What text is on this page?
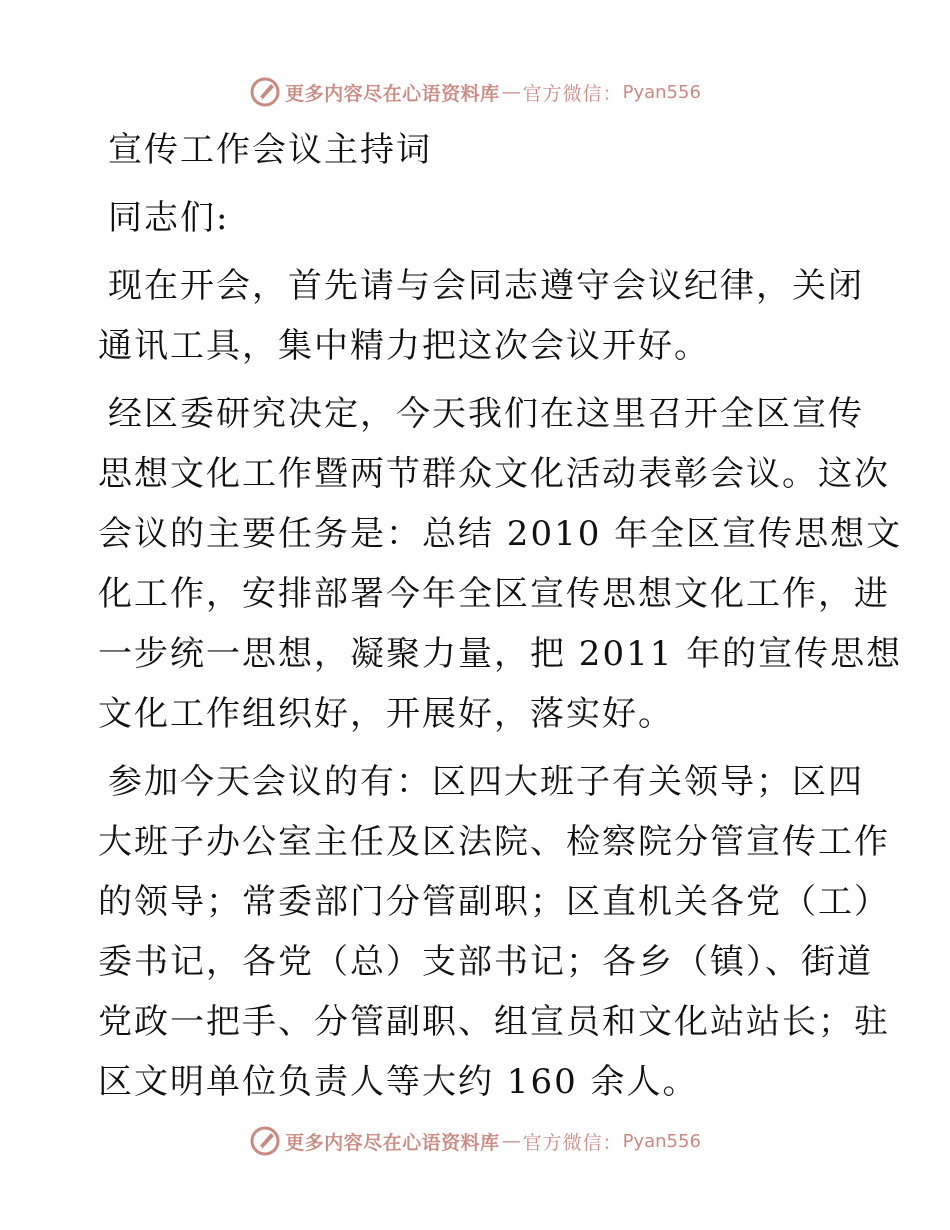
更多内容尽在心语资料库 — 官方微信： Pyan556

宣传工作会议主持词

同志们:

现在开会，首先请与会同志遵守会议纪律，关闭
通讯工具，集中精力把这次会议开好。

经区委研究决定，今天我们在这里召开全区宣传
思想文化工作暨两节群众文化活动表彰会议。这次
会议的主要任务是：总结 2010 年全区宣传思想文
化工作，安排部署今年全区宣传思想文化工作，进
一步统一思想，凝聚力量，把 2011 年的宣传思想
文化工作组织好，开展好，落实好。

参加今天会议的有：区四大班子有关领导；区四
大班子办公室主任及区法院、检察院分管宣传工作
的领导；常委部门分管副职；区直机关各党（工）
委书记，各党（总）支部书记；各乡（镇）、街道
党政一把手、分管副职、组宣员和文化站站长；驻
区文明单位负责人等大约 160 余人。

更多内容尽在心语资料库 — 官方微信： Pyan556
